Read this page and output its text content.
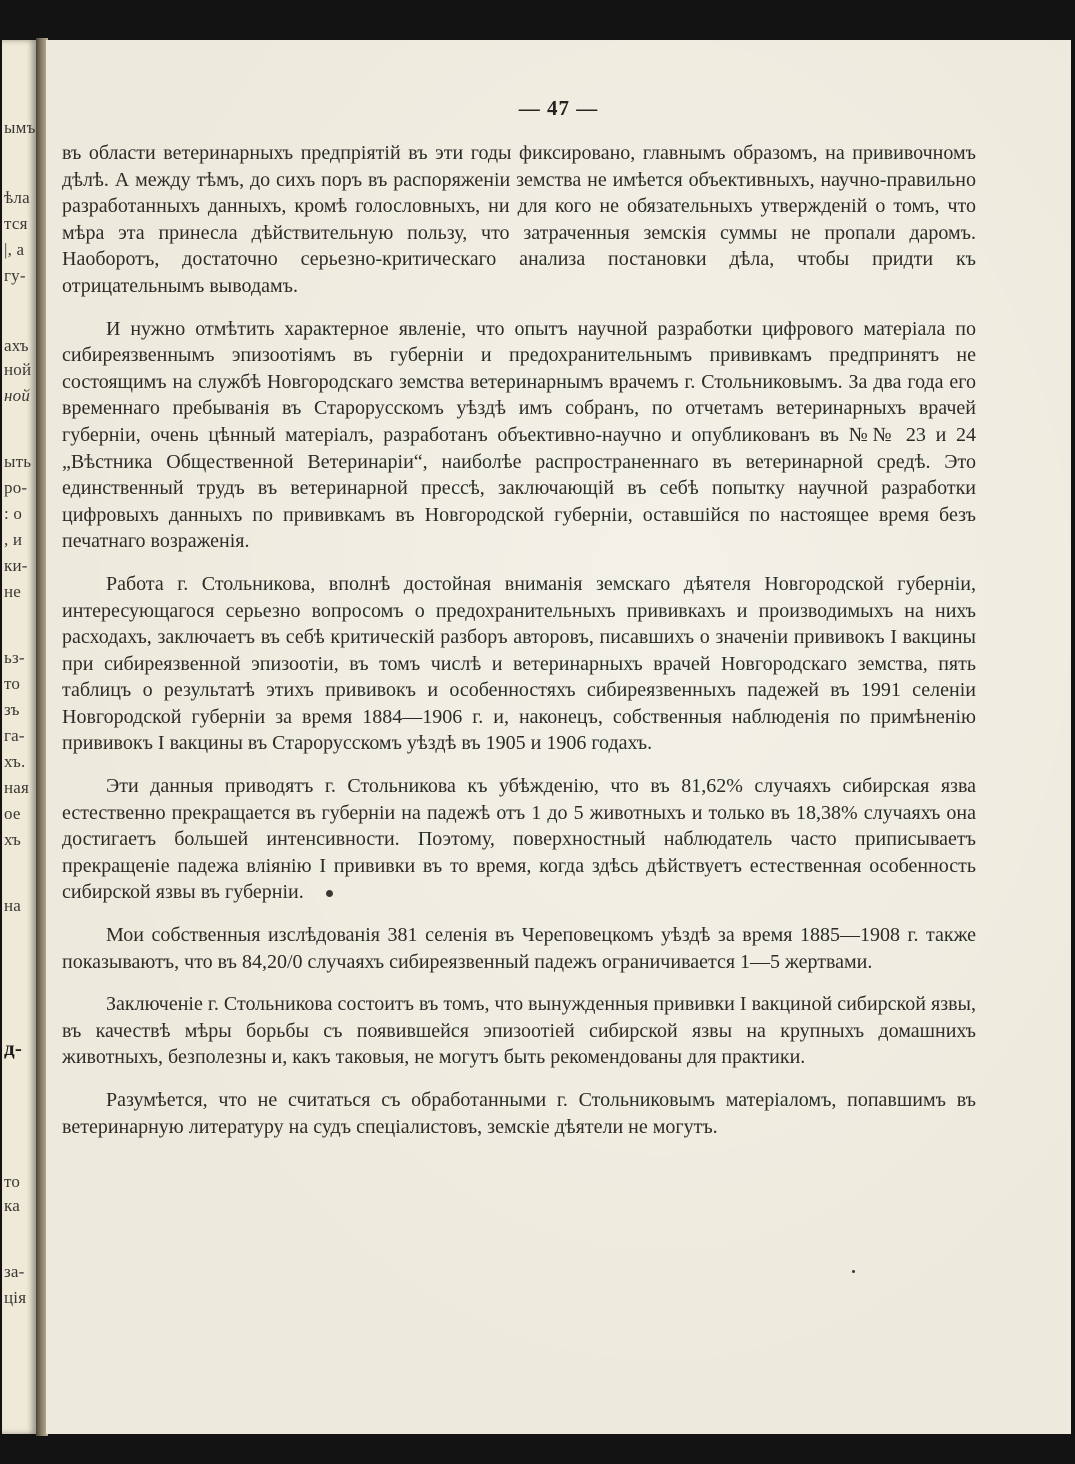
ымъ
ѣла
тся
|, а
гу-
ахъ
ной
ной
ыть
ро-
: о
, и
ки-
не
ьз-
то
зъ
га-
хъ.
ная
ое
хъ
на
д-
то
ка
за-
ція
— 47 —

въ области ветеринарныхъ предпріятій въ эти годы фиксировано, главнымъ образомъ, на прививочномъ дѣлѣ. А между тѣмъ, до сихъ поръ въ распоряженіи земства не имѣется объективныхъ, научно-правильно разработанныхъ данныхъ, кромѣ голословныхъ, ни для кого не обязательныхъ утвержденій о томъ, что мѣра эта принесла дѣйствительную пользу, что затраченныя земскія суммы не пропали даромъ. Наоборотъ, достаточно серьезно-критическаго анализа постановки дѣла, чтобы придти къ отрицательнымъ выводамъ.

И нужно отмѣтить характерное явленіе, что опытъ научной разработки цифрового матеріала по сибиреязвеннымъ эпизоотіямъ въ губерніи и предохранительнымъ прививкамъ предпринятъ не состоящимъ на службѣ Новгородскаго земства ветеринарнымъ врачемъ г. Стольниковымъ. За два года его временнаго пребыванія въ Старорусскомъ уѣздѣ имъ собранъ, по отчетамъ ветеринарныхъ врачей губерніи, очень цѣнный матеріалъ, разработанъ объективно-научно и опубликованъ въ №№ 23 и 24 „Вѣстника Общественной Ветеринаріи“, наиболѣе распространеннаго въ ветеринарной средѣ. Это единственный трудъ въ ветеринарной прессѣ, заключающій въ себѣ попытку научной разработки цифровыхъ данныхъ по прививкамъ въ Новгородской губерніи, оставшійся по настоящее время безъ печатнаго возраженія.

Работа г. Стольникова, вполнѣ достойная вниманія земскаго дѣятеля Новгородской губерніи, интересующагося серьезно вопросомъ о предохранительныхъ прививкахъ и производимыхъ на нихъ расходахъ, заключаетъ въ себѣ критическій разборъ авторовъ, писавшихъ о значеніи прививокъ I вакцины при сибиреязвенной эпизоотіи, въ томъ числѣ и ветеринарныхъ врачей Новгородскаго земства, пять таблицъ о результатѣ этихъ прививокъ и особенностяхъ сибиреязвенныхъ падежей въ 1991 селеніи Новгородской губерніи за время 1884—1906 г. и, наконецъ, собственныя наблюденія по примѣненію прививокъ I вакцины въ Старорусскомъ уѣздѣ въ 1905 и 1906 годахъ.

Эти данныя приводятъ г. Стольникова къ убѣжденію, что въ 81,62% случаяхъ сибирская язва естественно прекращается въ губерніи на падежѣ отъ 1 до 5 животныхъ и только въ 18,38% случаяхъ она достигаетъ большей интенсивности. Поэтому, поверхностный наблюдатель часто приписываетъ прекращеніе падежа вліянію I прививки въ то время, когда здѣсь дѣйствуетъ естественная особенность сибирской язвы въ губерніи.

Мои собственныя изслѣдованія 381 селенія въ Череповецкомъ уѣздѣ за время 1885—1908 г. также показываютъ, что въ 84,20/0 случаяхъ сибиреязвенный падежъ ограничивается 1—5 жертвами.

Заключеніе г. Стольникова состоитъ въ томъ, что вынужденныя прививки I вакциной сибирской язвы, въ качествѣ мѣры борьбы съ появившейся эпизоотіей сибирской язвы на крупныхъ домашнихъ животныхъ, безполезны и, какъ таковыя, не могутъ быть рекомендованы для практики.

Разумѣется, что не считаться съ обработанными г. Стольниковымъ матеріаломъ, попавшимъ въ ветеринарную литературу на судъ спеціалистовъ, земскіе дѣятели не могутъ.
